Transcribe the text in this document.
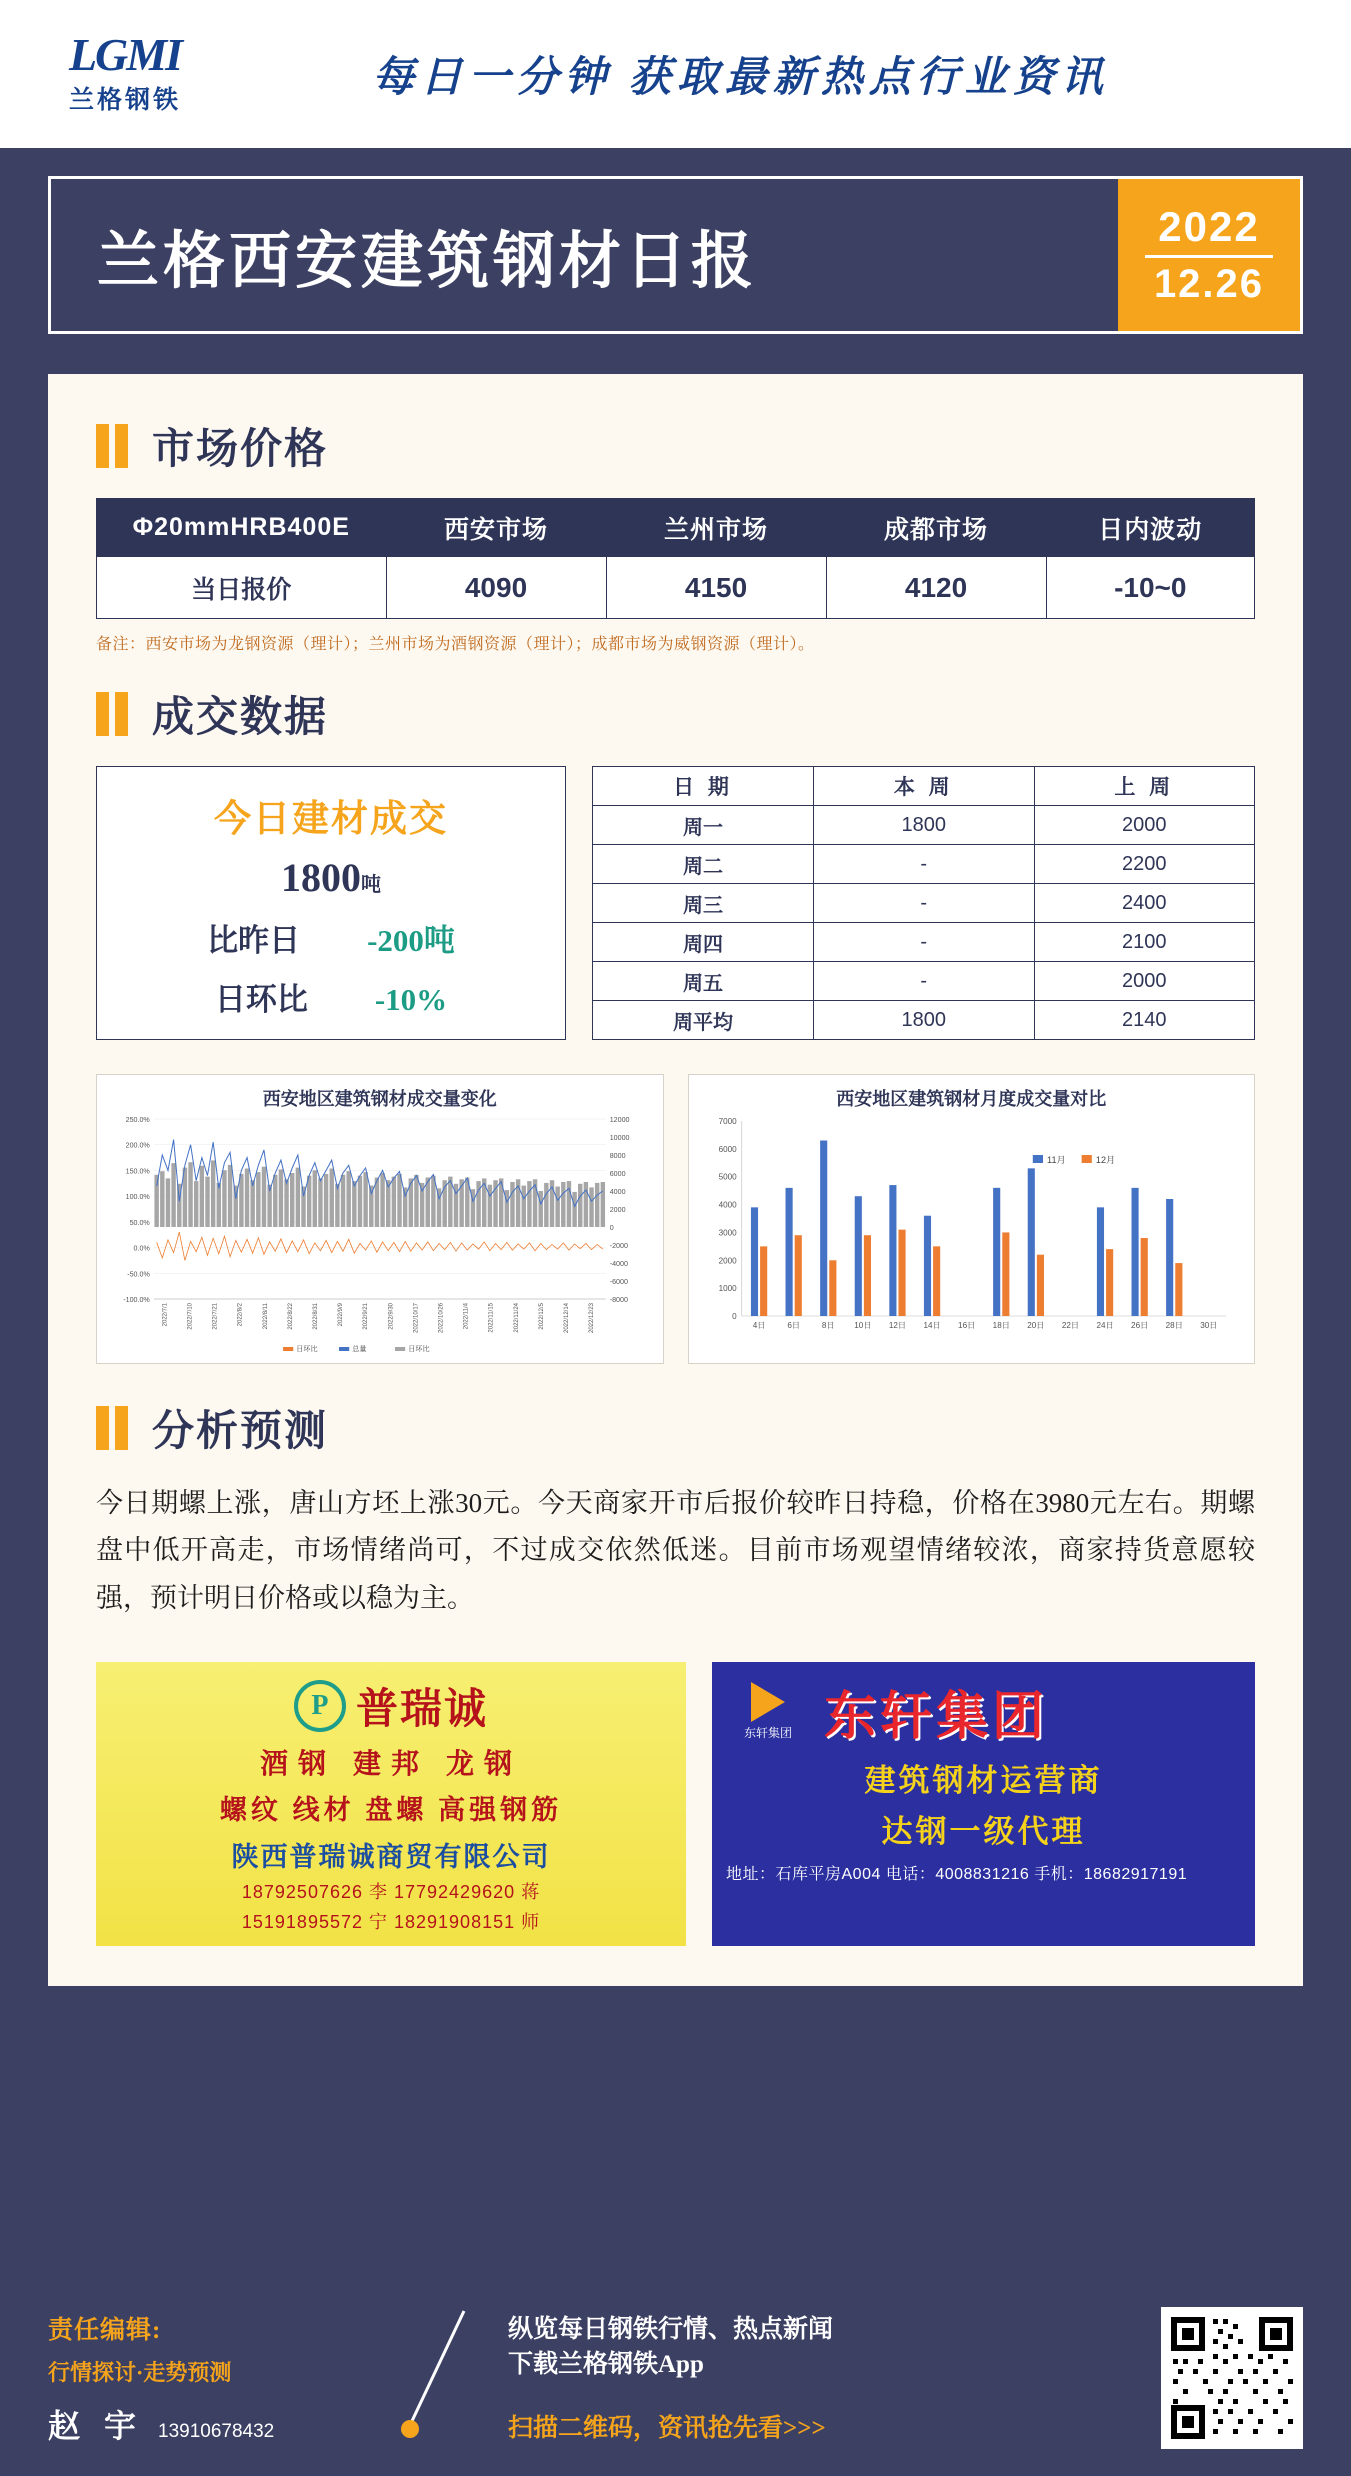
LGMI
兰格钢铁	每日一分钟 获取最新热点行业资讯
兰格西安建筑钢材日报
2022
12.26
市场价格
Φ20mmHRB400E	西安市场	兰州市场	成都市场	日内波动
当日报价	4090	4150	4120	-10~0
备注：西安市场为龙钢资源（理计）；兰州市场为酒钢资源（理计）；成都市场为威钢资源（理计）。
成交数据
今日建材成交
1800吨
比昨日	-200吨
日环比	-10%
日 期	本 周	上 周
周一	1800	2000
周二	-	2200
周三	-	2400
周四	-	2100
周五	-	2000
周平均	1800	2140
西安地区建筑钢材成交量变化
250.0%
200.0%
150.0%
100.0%
50.0%
0.0%
-50.0%
-100.0%
12000
10000
8000
6000
4000
2000
0
-2000
-4000
-6000
-8000
2022/7/1	2022/7/10	2022/7/21	2022/8/2	2022/8/11	2022/8/22	2022/8/31	2022/9/9	2022/9/21	2022/9/30	2022/10/17	2022/10/26	2022/11/4	2022/11/15	2022/11/24	2022/12/5	2022/12/14	2022/12/23
日环比	总量	日环比
西安地区建筑钢材月度成交量对比
7000
6000
5000
4000
3000
2000
1000
0
4日	6日	8日 10日 12日 14日 16日 18日 20日 22日 24日 26日 28日 30日
11月	12月
分析预测
今日期螺上涨，唐山方坯上涨30元。今天商家开市后报价较昨日持稳，价格在3980元左右。期螺盘中低开高走，市场情绪尚可，不过成交依然低迷。目前市场观望情绪较浓，商家持货意愿较强，预计明日价格或以稳为主。
P 普瑞诚
酒钢 建邦 龙钢
螺纹 线材 盘螺 高强钢筋
陕西普瑞诚商贸有限公司
18792507626 李 17792429620 蒋
15191895572 宁 18291908151 师
东轩集团 东轩集团
建筑钢材运营商
达钢一级代理
地址：石库平房A004 电话：4008831216 手机：18682917191
责任编辑:
行情探讨·走势预测
赵 宇 13910678432
纵览每日钢铁行情、热点新闻
下载兰格钢铁App
扫描二维码，资讯抢先看>>>
